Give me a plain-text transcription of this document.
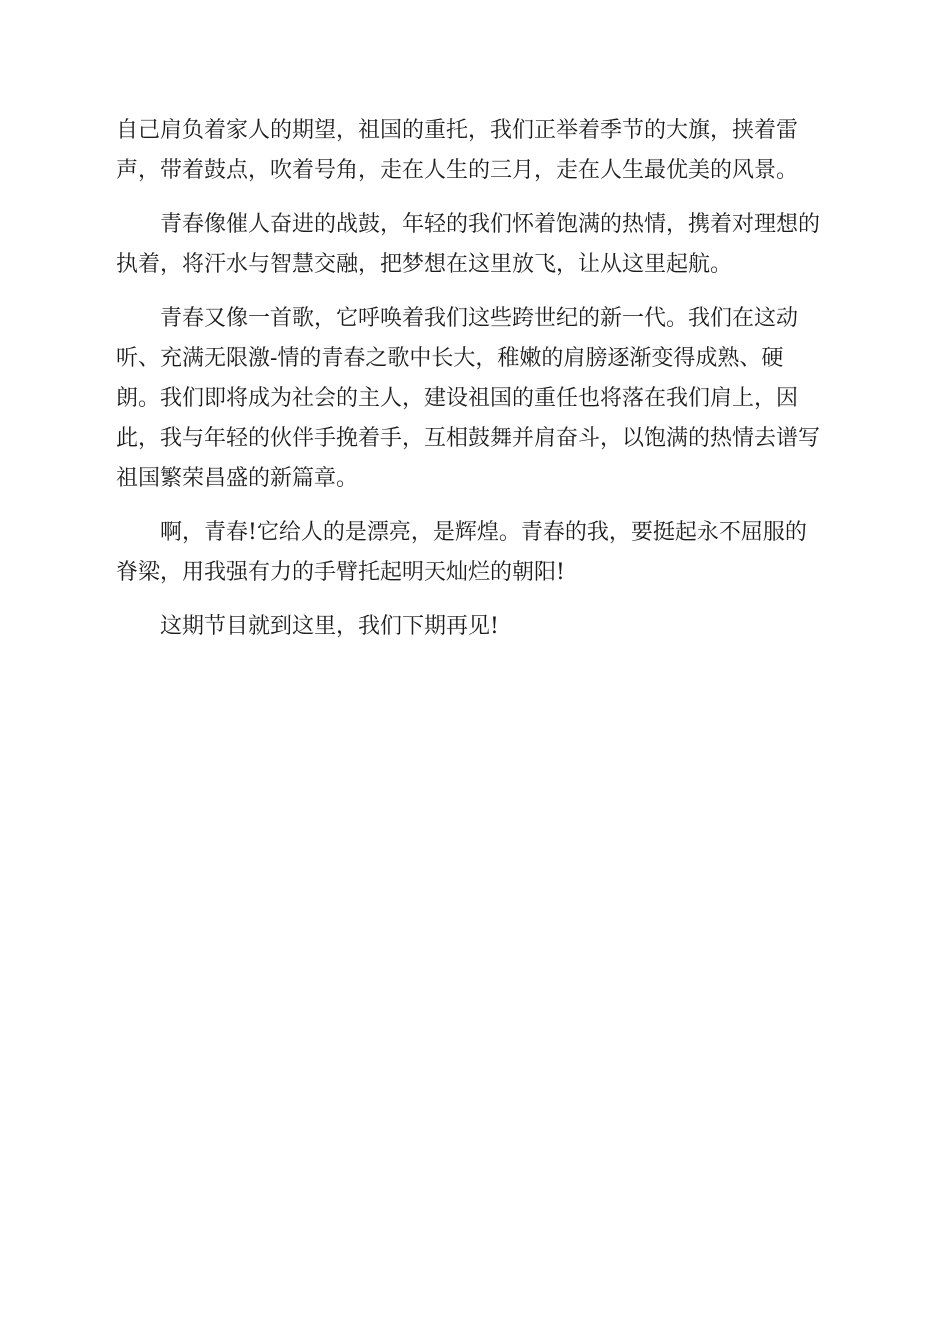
自己肩负着家人的期望，祖国的重托，我们正举着季节的大旗，挟着雷
声，带着鼓点，吹着号角，走在人生的三月，走在人生最优美的风景。

　　青春像催人奋进的战鼓，年轻的我们怀着饱满的热情，携着对理想的
执着，将汗水与智慧交融，把梦想在这里放飞，让从这里起航。

　　青春又像一首歌，它呼唤着我们这些跨世纪的新一代。我们在这动
听、充满无限激-情的青春之歌中长大，稚嫩的肩膀逐渐变得成熟、硬
朗。我们即将成为社会的主人，建设祖国的重任也将落在我们肩上，因
此，我与年轻的伙伴手挽着手，互相鼓舞并肩奋斗，以饱满的热情去谱写
祖国繁荣昌盛的新篇章。

　　啊，青春!它给人的是漂亮，是辉煌。青春的我，要挺起永不屈服的
脊梁，用我强有力的手臂托起明天灿烂的朝阳!

　　这期节目就到这里，我们下期再见!
